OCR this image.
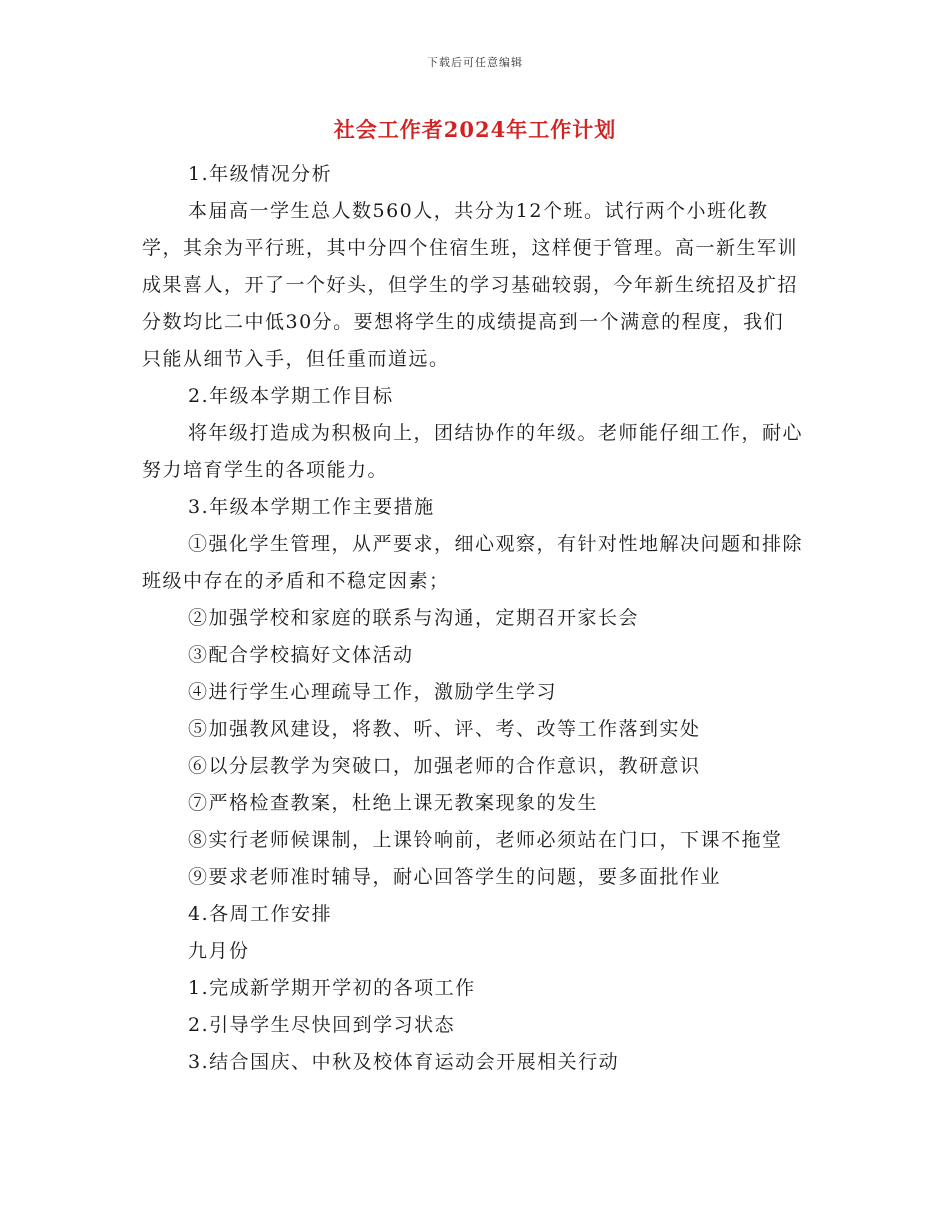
下载后可任意编辑
社会工作者2024年工作计划

1.年级情况分析

本届高一学生总人数560人，共分为12个班。试行两个小班化教学，其余为平行班，其中分四个住宿生班，这样便于管理。高一新生军训成果喜人，开了一个好头，但学生的学习基础较弱，今年新生统招及扩招分数均比二中低30分。要想将学生的成绩提高到一个满意的程度，我们只能从细节入手，但任重而道远。

2.年级本学期工作目标

将年级打造成为积极向上，团结协作的年级。老师能仔细工作，耐心努力培育学生的各项能力。

3.年级本学期工作主要措施

①强化学生管理，从严要求，细心观察，有针对性地解决问题和排除班级中存在的矛盾和不稳定因素；

②加强学校和家庭的联系与沟通，定期召开家长会

③配合学校搞好文体活动

④进行学生心理疏导工作，激励学生学习

⑤加强教风建设，将教、听、评、考、改等工作落到实处

⑥以分层教学为突破口，加强老师的合作意识，教研意识

⑦严格检查教案，杜绝上课无教案现象的发生

⑧实行老师候课制，上课铃响前，老师必须站在门口，下课不拖堂

⑨要求老师准时辅导，耐心回答学生的问题，要多面批作业

4.各周工作安排

九月份

1.完成新学期开学初的各项工作

2.引导学生尽快回到学习状态

3.结合国庆、中秋及校体育运动会开展相关行动
